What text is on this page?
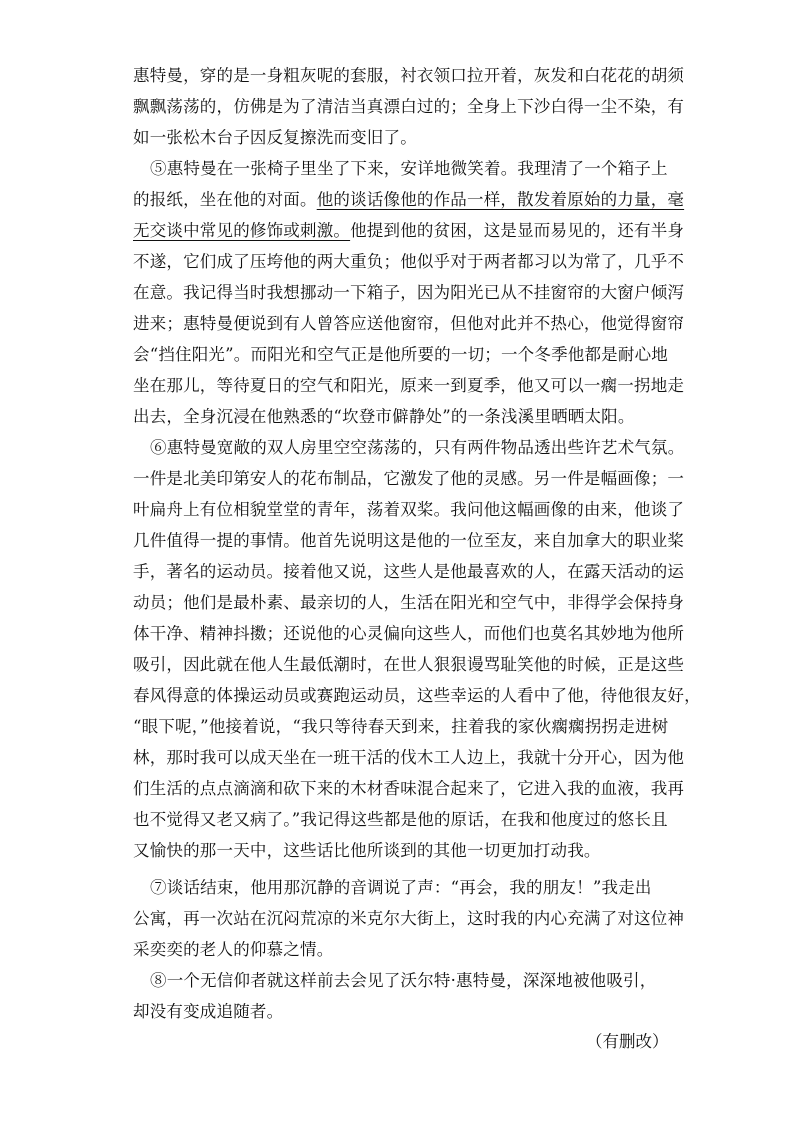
惠特曼，穿的是一身粗灰呢的套服，衬衣领口拉开着，灰发和白花花的胡须
飘飘荡荡的，仿佛是为了清洁当真漂白过的；全身上下沙白得一尘不染，有
如一张松木台子因反复擦洗而变旧了。
⑤惠特曼在一张椅子里坐了下来，安详地微笑着。我理清了一个箱子上
的报纸，坐在他的对面。他的谈话像他的作品一样，散发着原始的力量，毫
无交谈中常见的修饰或刺激。他提到他的贫困，这是显而易见的，还有半身
不遂，它们成了压垮他的两大重负；他似乎对于两者都习以为常了，几乎不
在意。我记得当时我想挪动一下箱子，因为阳光已从不挂窗帘的大窗户倾泻
进来；惠特曼便说到有人曾答应送他窗帘，但他对此并不热心，他觉得窗帘
会“挡住阳光”。而阳光和空气正是他所要的一切；一个冬季他都是耐心地
坐在那儿，等待夏日的空气和阳光，原来一到夏季，他又可以一瘸一拐地走
出去，全身沉浸在他熟悉的“坎登市僻静处”的一条浅溪里晒晒太阳。
⑥惠特曼宽敞的双人房里空空荡荡的，只有两件物品透出些许艺术气氛。
一件是北美印第安人的花布制品，它激发了他的灵感。另一件是幅画像；一
叶扁舟上有位相貌堂堂的青年，荡着双桨。我问他这幅画像的由来，他谈了
几件值得一提的事情。他首先说明这是他的一位至友，来自加拿大的职业桨
手，著名的运动员。接着他又说，这些人是他最喜欢的人，在露天活动的运
动员；他们是最朴素、最亲切的人，生活在阳光和空气中，非得学会保持身
体干净、精神抖擞；还说他的心灵偏向这些人，而他们也莫名其妙地为他所
吸引，因此就在他人生最低潮时，在世人狠狠谩骂耻笑他的时候，正是这些
春风得意的体操运动员或赛跑运动员，这些幸运的人看中了他，待他很友好，
“眼下呢，”他接着说，“我只等待春天到来，拄着我的家伙瘸瘸拐拐走进树
林，那时我可以成天坐在一班干活的伐木工人边上，我就十分开心，因为他
们生活的点点滴滴和砍下来的木材香味混合起来了，它进入我的血液，我再
也不觉得又老又病了。”我记得这些都是他的原话，在我和他度过的悠长且
又愉快的那一天中，这些话比他所谈到的其他一切更加打动我。
⑦谈话结束，他用那沉静的音调说了声：“再会，我的朋友！”我走出
公寓，再一次站在沉闷荒凉的米克尔大街上，这时我的内心充满了对这位神
采奕奕的老人的仰慕之情。
⑧一个无信仰者就这样前去会见了沃尔特·惠特曼，深深地被他吸引，
却没有变成追随者。
（有删改）
